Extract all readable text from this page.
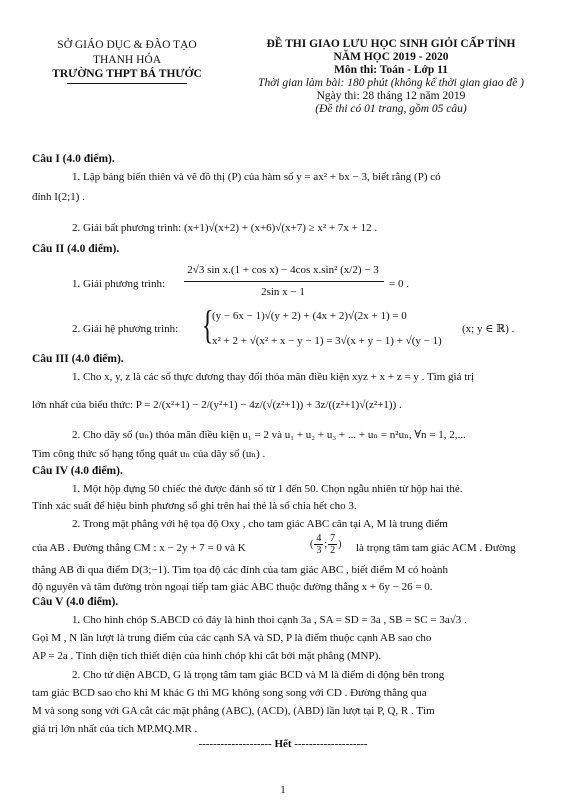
SỞ GIÁO DỤC & ĐÀO TẠO
THANH HÓA
TRƯỜNG THPT BÁ THƯỚC
ĐỀ THI GIAO LƯU HỌC SINH GIỎI CẤP TỈNH
NĂM HỌC 2019 - 2020
Môn thi: Toán - Lớp 11
Thời gian làm bài: 180 phút (không kể thời gian giao đề )
Ngày thi: 28 tháng 12 năm 2019
(Đề thi có 01 trang, gồm 05 câu)
Câu I (4.0 điểm).
1. Lập bảng biến thiên và vẽ đồ thị (P) của hàm số y = ax² + bx − 3, biết rằng (P) có
đỉnh I(2;1) .
2. Giải bất phương trình: (x+1)√(x+2) + (x+6)√(x+7) ≥ x² + 7x + 12 .
Câu II (4.0 điểm).
1. Giải phương trình:
2√3 sin x.(1 + cos x) − 4cos x.sin² (x/2) − 3
2sin x − 1
= 0 .
2. Giải hệ phương trình: {
(y − 6x − 1)√(y + 2) + (4x + 2)√(2x + 1) = 0
x² + 2 + √(x² + x − y − 1) = 3√(x + y − 1) + √(y − 1)
(x; y ∈ ℝ) .
Câu III (4.0 điểm).
1. Cho x, y, z là các số thực dương thay đổi thỏa mãn điều kiện xyz + x + z = y . Tìm giá trị
lớn nhất của biểu thức: P = 2/(x²+1) − 2/(y²+1) − 4z/(√(z²+1)) + 3z/((z²+1)√(z²+1)) .
2. Cho dãy số (uₙ) thỏa mãn điều kiện u₁ = 2 và u₁ + u₂ + u₃ + ... + uₙ = n²uₙ, ∀n = 1, 2,...
Tìm công thức số hạng tổng quát uₙ của dãy số (uₙ) .
Câu IV (4.0 điểm).
1. Một hộp đựng 50 chiếc thẻ được đánh số từ 1 đến 50. Chọn ngẫu nhiên từ hộp hai thẻ.
Tính xác suất để hiệu bình phương số ghi trên hai thẻ là số chia hết cho 3.
2. Trong mặt phẳng với hệ tọa độ Oxy , cho tam giác ABC cân tại A, M là trung điểm
của AB . Đường thẳng CM : x − 2y + 7 = 0 và K	( $\frac{4}{3}$ ; $\frac{7}{2}$ ) là trọng tâm tam giác ACM . Đường
thẳng AB đi qua điểm D(3;−1). Tìm tọa độ các đỉnh của tam giác ABC , biết điểm M có hoành
độ nguyên và tâm đường tròn ngoại tiếp tam giác ABC thuộc đường thẳng x + 6y − 26 = 0.
Câu V (4.0 điểm).
1. Cho hình chóp S.ABCD có đáy là hình thoi cạnh 3a , SA = SD = 3a , SB = SC = 3a√3 .
Gọi M , N lần lượt là trung điểm của các cạnh SA và SD, P là điểm thuộc cạnh AB sao cho
AP = 2a . Tính diện tích thiết diện của hình chóp khi cắt bởi mặt phẳng (MNP).
2. Cho tứ diện ABCD, G là trọng tâm tam giác BCD và M là điểm di động bên trong
tam giác BCD sao cho khi M khác G thì MG không song song với CD . Đường thẳng qua
M và song song với GA cắt các mặt phẳng (ABC), (ACD), (ABD) lần lượt tại P, Q, R . Tìm
giá trị lớn nhất của tích MP.MQ.MR .
-------------------- Hết --------------------
1
